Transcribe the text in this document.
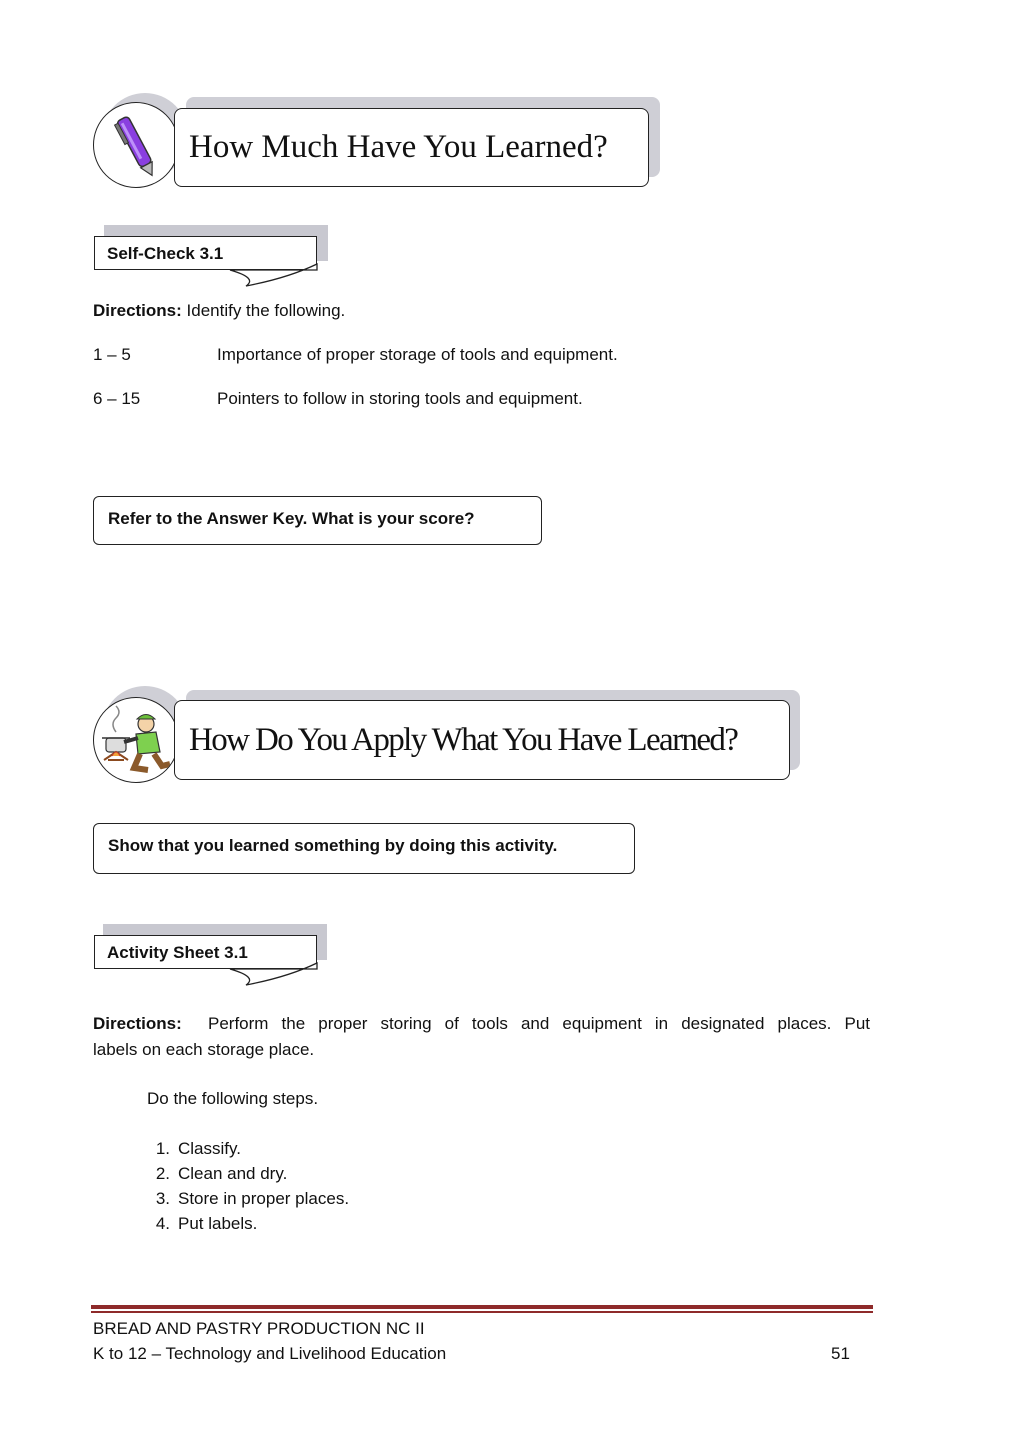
How Much Have You Learned?
Self-Check 3.1
Directions: Identify the following.
1 – 5	Importance of proper storage of tools and equipment.
6 – 15	Pointers to follow in storing tools and equipment.
Refer to the Answer Key. What is your score?
How Do You Apply What You Have Learned?
Show that you learned something by doing this activity.
Activity Sheet 3.1
Directions: Perform the proper storing of tools and equipment in designated places. Put
labels on each storage place.
Do the following steps.
1. Classify.
2. Clean and dry.
3. Store in proper places.
4. Put labels.
BREAD AND PASTRY PRODUCTION NC II
K to 12 – Technology and Livelihood Education	51
